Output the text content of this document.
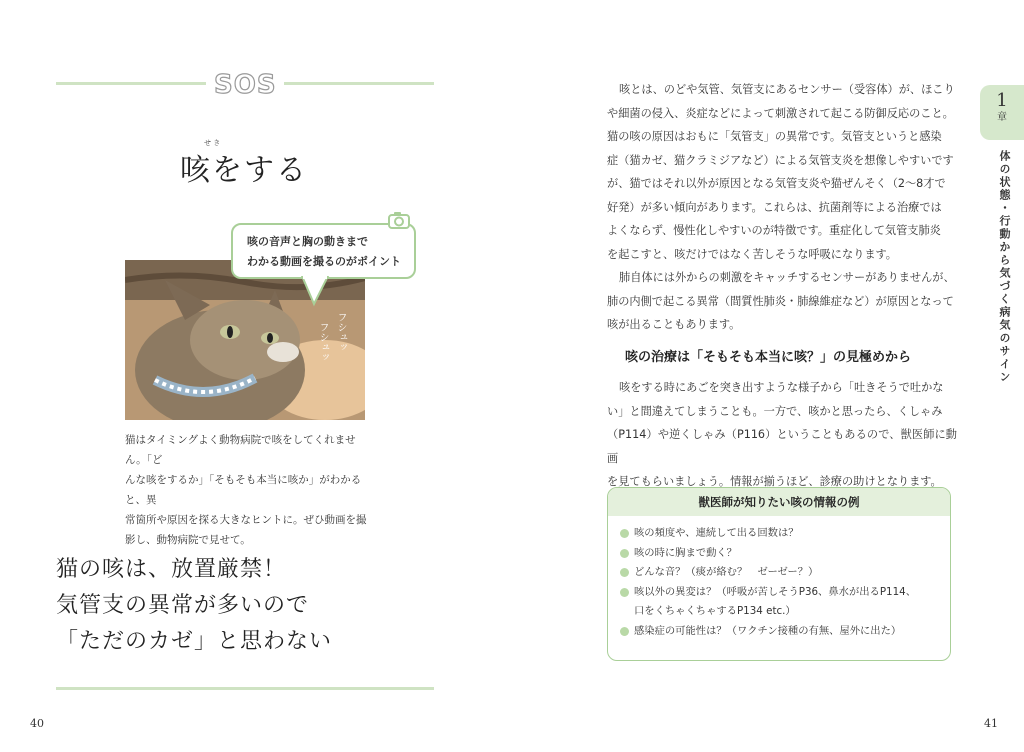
SOS
せ き
咳をする
フシュッ
フシュッ
咳の音声と胸の動きまで
わかる動画を撮るのがポイント
猫はタイミングよく動物病院で咳をしてくれません。「ど
んな咳をするか」「そもそも本当に咳か」がわかると、異
常箇所や原因を探る大きなヒントに。ぜひ動画を撮
影し、動物病院で見せて。
猫の咳は、放置厳禁！
気管支の異常が多いので
「ただのカゼ」と思わない
40
咳とは、のどや気管、気管支にあるセンサー（受容体）が、ほこり
や細菌の侵入、炎症などによって刺激されて起こる防御反応のこと。
猫の咳の原因はおもに「気管支」の異常です。気管支というと感染
症（猫カゼ、猫クラミジアなど）による気管支炎を想像しやすいです
が、猫ではそれ以外が原因となる気管支炎や猫ぜんそく（2〜8才で
好発）が多い傾向があります。これらは、抗菌剤等による治療では
よくならず、慢性化しやすいのが特徴です。重症化して気管支肺炎
を起こすと、咳だけではなく苦しそうな呼吸になります。
肺自体には外からの刺激をキャッチするセンサーがありませんが、
肺の内側で起こる異常（間質性肺炎・肺線維症など）が原因となって
咳が出ることもあります。
咳の治療は「そもそも本当に咳？」の見極めから
咳をする時にあごを突き出すような様子から「吐きそうで吐かな
い」と間違えてしまうことも。一方で、咳かと思ったら、くしゃみ
（P114）や逆くしゃみ（P116）ということもあるので、獣医師に動画
を見てもらいましょう。情報が揃うほど、診療の助けとなります。
獣医師が知りたい咳の情報の例
咳の頻度や、連続して出る回数は？
咳の時に胸まで動く？
どんな音？（痰が絡む？　ゼーゼー？）
咳以外の異変は？（呼吸が苦しそうP36、鼻水が出るP114、
口をくちゃくちゃするP134 etc.）
感染症の可能性は？（ワクチン接種の有無、屋外に出た）
1
章
体の状態・行動から気づく病気のサイン
41
